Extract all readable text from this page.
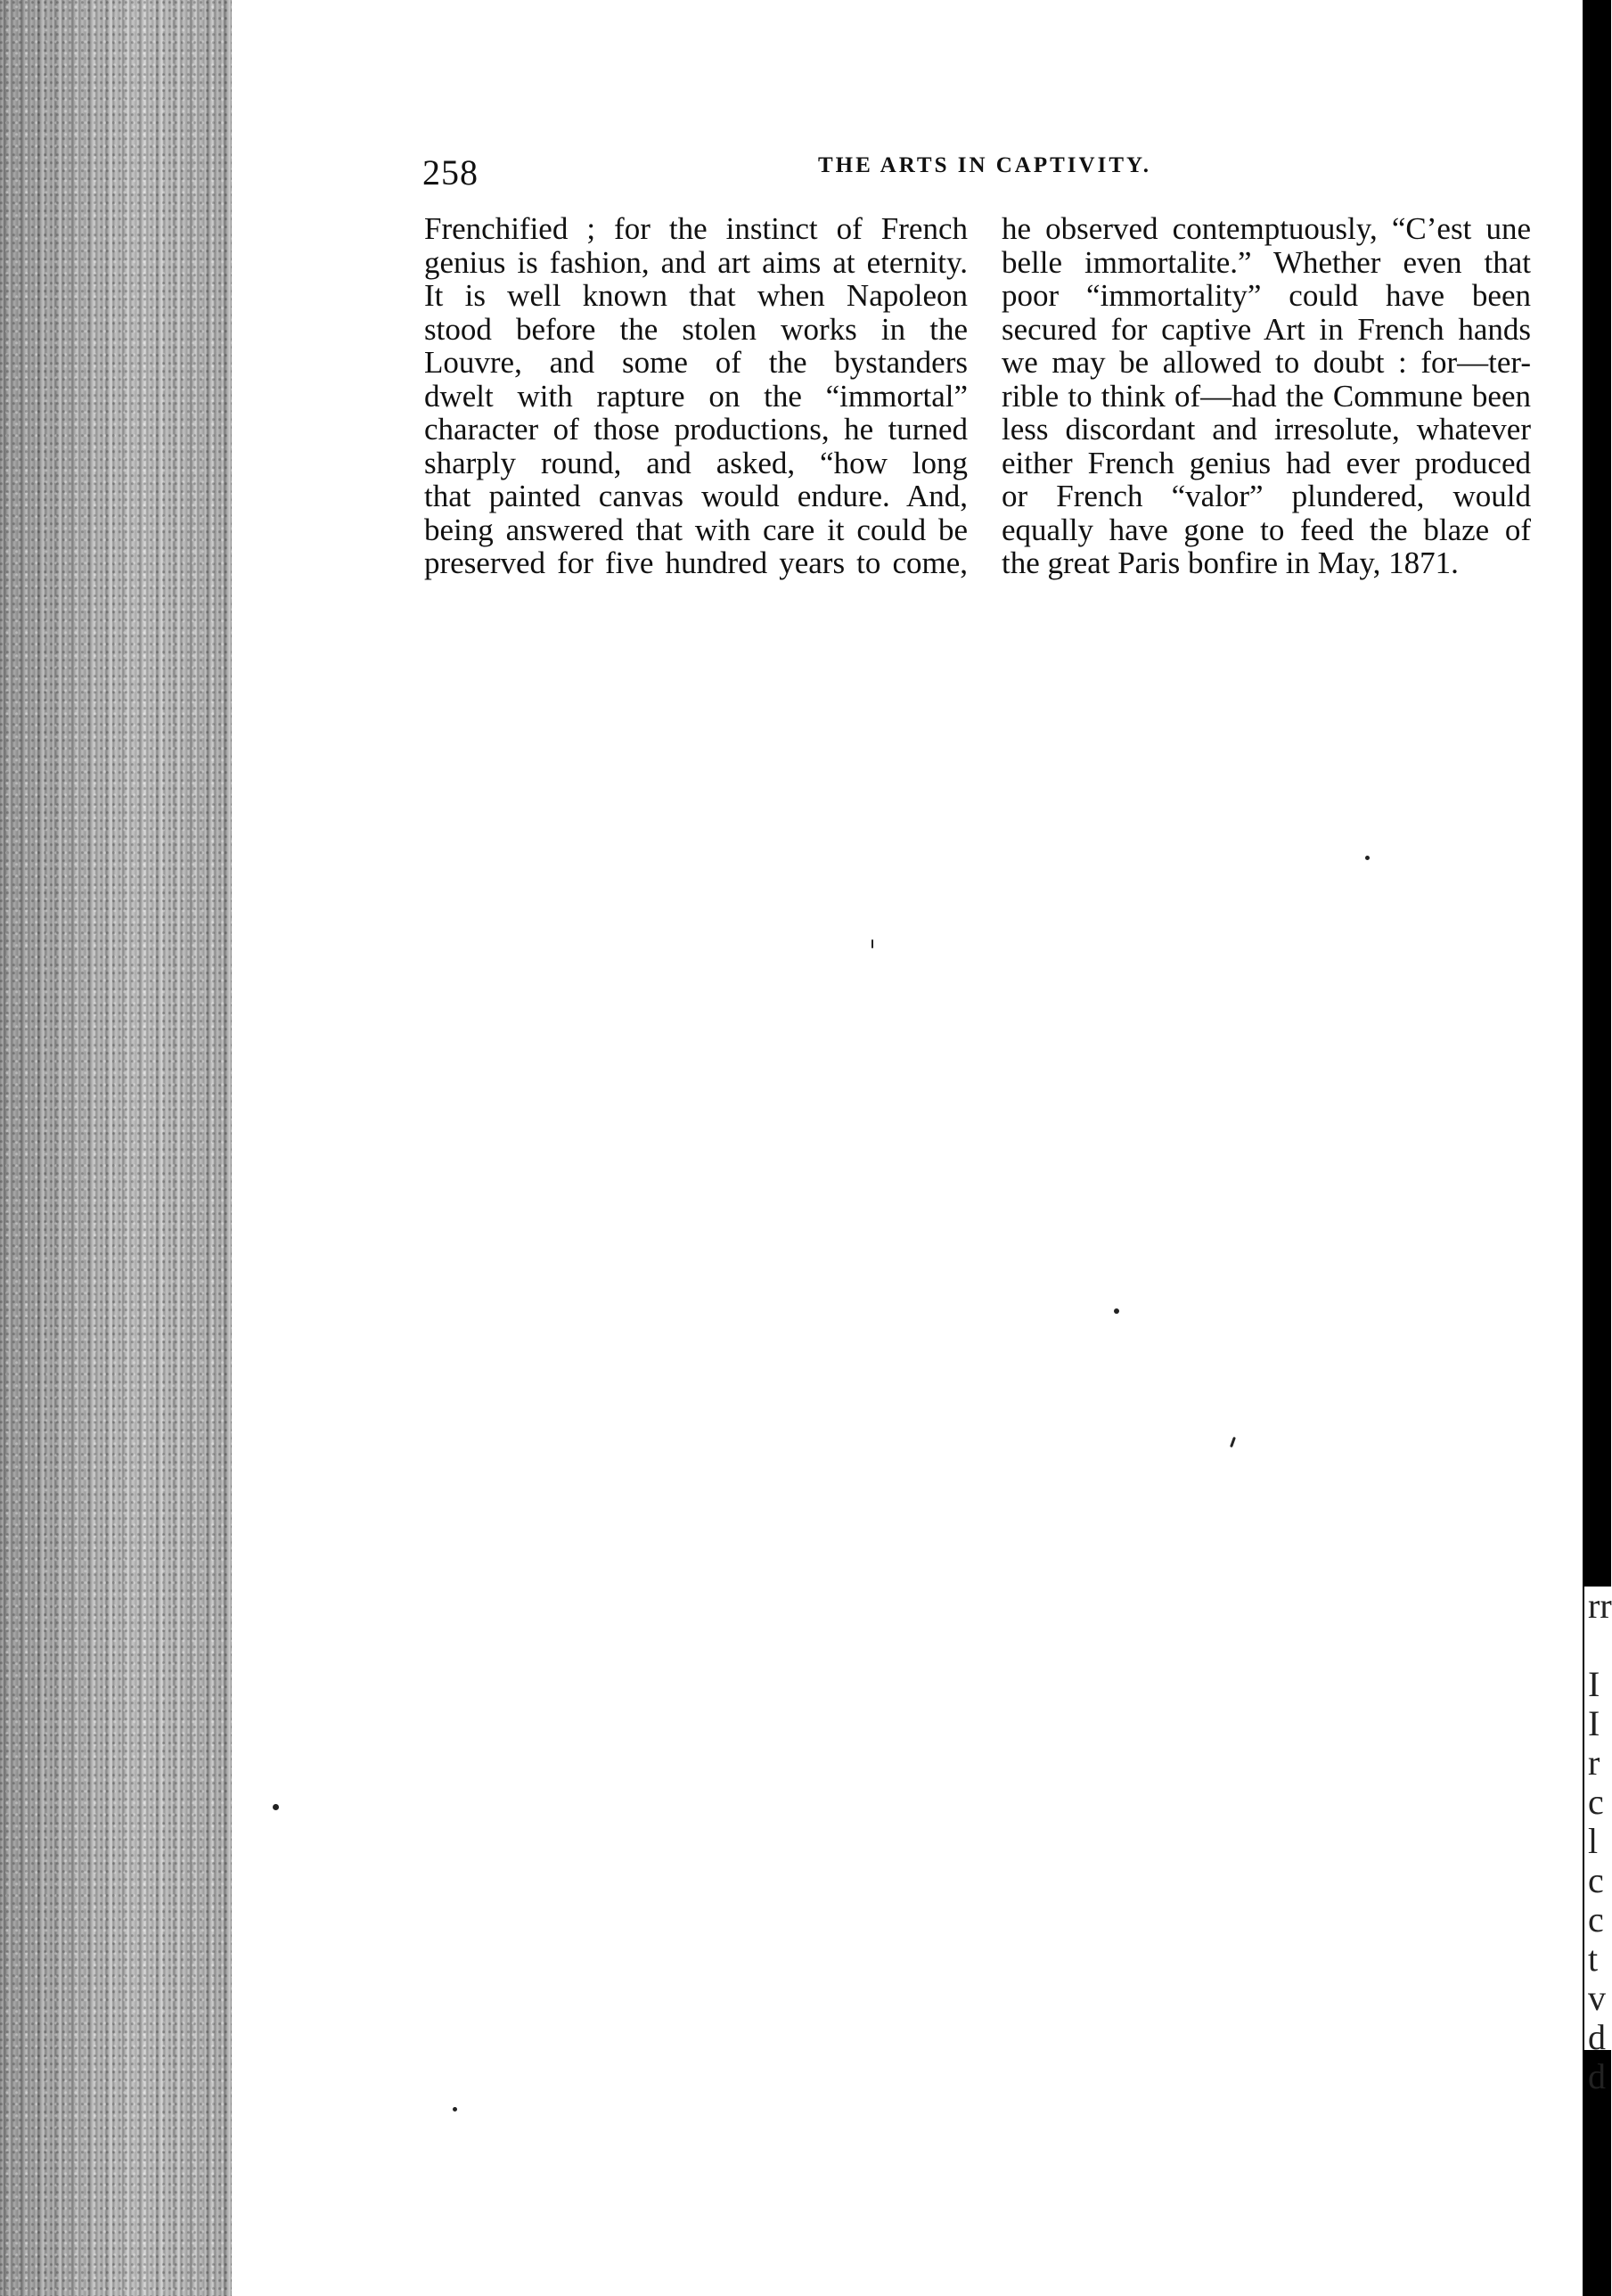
rr

I
I
r
c
l
c
c
t
v
d
d
258	THE ARTS IN CAPTIVITY.
Frenchified ; for the instinct of French
genius is fashion, and art aims at eternity.
It is well known that when Napoleon
stood before the stolen works in the
Louvre, and some of the bystanders
dwelt with rapture on the “immortal”
character of those productions, he turned
sharply round, and asked, “how long
that painted canvas would endure. And,
being answered that with care it could be
preserved for five hundred years to come,
he observed contemptuously, “C’est une
belle immortalite.” Whether even that
poor “immortality” could have been
secured for captive Art in French hands
we may be allowed to doubt : for—ter-
rible to think of—had the Commune been
less discordant and irresolute, whatever
either French genius had ever produced
or French “valor” plundered, would
equally have gone to feed the blaze of
the great Paris bonfire in May, 1871.
